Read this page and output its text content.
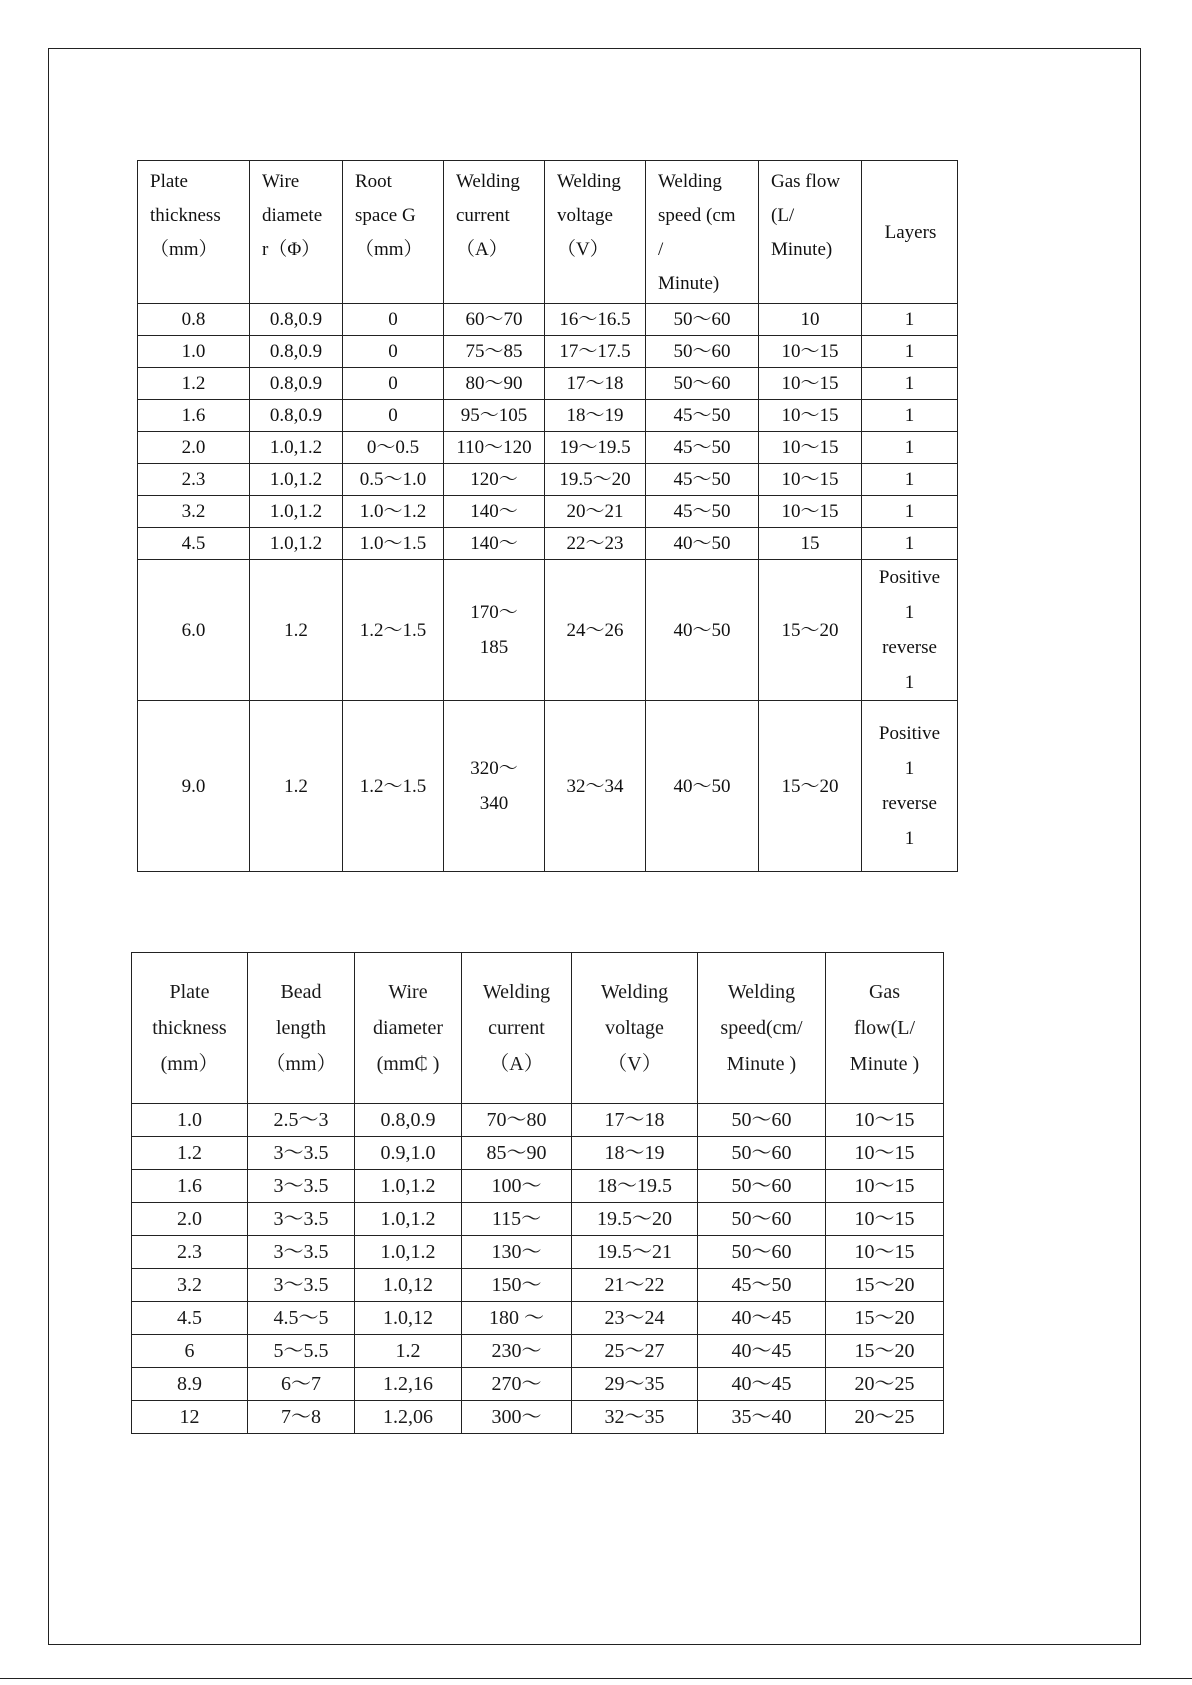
Plate
thickness
（mm）	Wire
diamete
r（Φ）	Root
space G
（mm）	Welding
current
（A）	Welding
voltage
（V）	Welding
speed (cm
/
Minute)	Gas flow
(L/
Minute)	Layers

0.8	0.8,0.9	0	60～70	16～16.5	50～60	10	1
1.0	0.8,0.9	0	75～85	17～17.5	50～60	10～15	1
1.2	0.8,0.9	0	80～90	17～18	50～60	10～15	1
1.6	0.8,0.9	0	95～105	18～19	45～50	10～15	1
2.0	1.0,1.2	0～0.5	110～120	19～19.5	45～50	10～15	1
2.3	1.0,1.2	0.5～1.0	120～	19.5～20	45～50	10～15	1
3.2	1.0,1.2	1.0～1.2	140～	20～21	45～50	10～15	1
4.5	1.0,1.2	1.0～1.5	140～	22～23	40～50	15	1
6.0	1.2	1.2～1.5	170～
185	24～26	40～50	15～20	Positive
1
reverse
1

9.0	1.2	1.2～1.5	320～
340	32～34	40～50	15～20	Positive
1
reverse
1
Plate
thickness
(mm）	Bead
length
（mm）	Wire
diameter
(mm₵ )	Welding
current
（A）	Welding
voltage
（V）	Welding
speed(cm/
Minute )	Gas
flow(L/
Minute )

1.0	2.5～3	0.8,0.9	70～80	17～18	50～60	10～15
1.2	3～3.5	0.9,1.0	85～90	18～19	50～60	10～15
1.6	3～3.5	1.0,1.2	100～	18～19.5	50～60	10～15
2.0	3～3.5	1.0,1.2	115～	19.5～20	50～60	10～15
2.3	3～3.5	1.0,1.2	130～	19.5～21	50～60	10～15
3.2	3～3.5	1.0,12	150～	21～22	45～50	15～20
4.5	4.5～5	1.0,12	180 ～	23～24	40～45	15～20
6	5～5.5	1.2	230～	25～27	40～45	15～20
8.9	6～7	1.2,16	270～	29～35	40～45	20～25
12	7～8	1.2,06	300～	32～35	35～40	20～25
